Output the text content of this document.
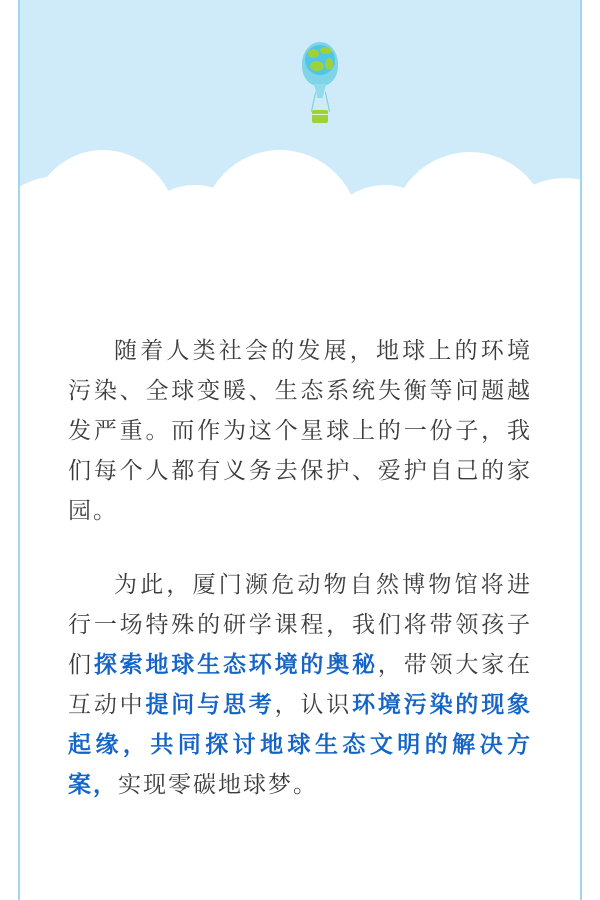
随着人类社会的发展，地球上的环境污染、全球变暖、生态系统失衡等问题越发严重。而作为这个星球上的一份子，我们每个人都有义务去保护、爱护自己的家园。

为此，厦门濒危动物自然博物馆将进行一场特殊的研学课程，我们将带领孩子们探索地球生态环境的奥秘，带领大家在互动中提问与思考，认识环境污染的现象起缘，共同探讨地球生态文明的解决方案，实现零碳地球梦。
